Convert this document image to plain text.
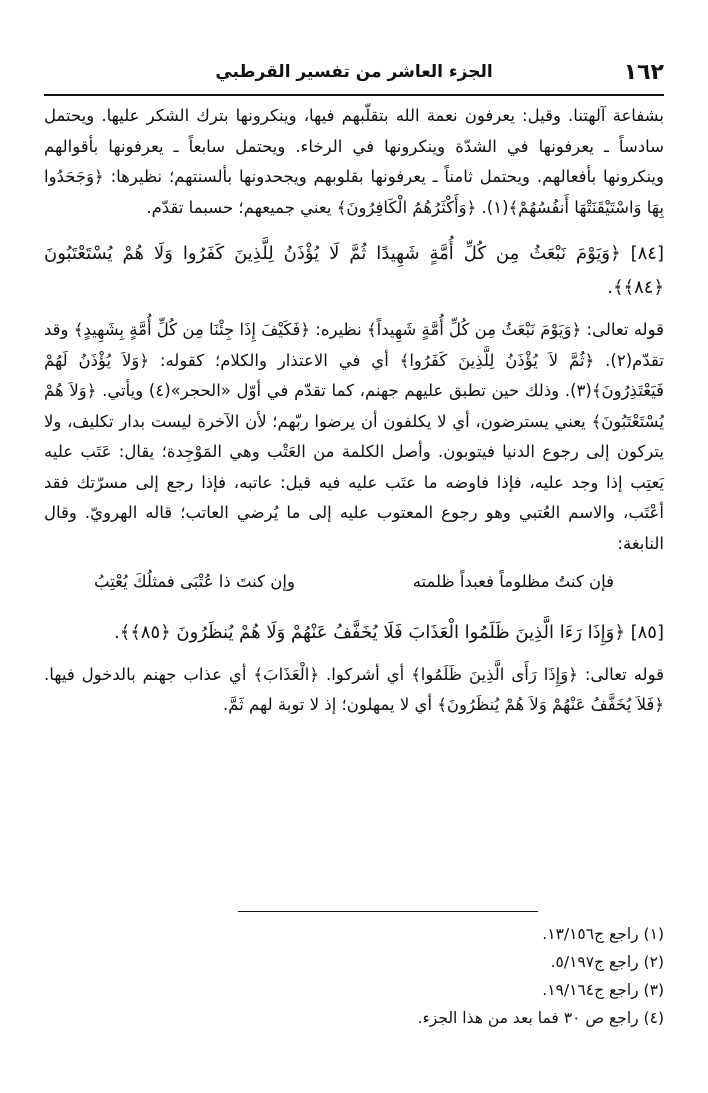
١٦٢
الجزء العاشر من تفسير القرطبي

بشفاعة آلهتنا. وقيل: يعرفون نعمة الله بتقلّبهم فيها، وينكرونها بترك الشكر عليها. ويحتمل سادساً ـ يعرفونها في الشدّة وينكرونها في الرخاء. ويحتمل سابعاً ـ يعرفونها بأقوالهم وينكرونها بأفعالهم. ويحتمل ثامناً ـ يعرفونها بقلوبهم ويجحدونها بألسنتهم؛ نظيرها: ﴿وَجَحَدُوا بِهَا وَاسْتَيْقَنَتْهَا أَنفُسُهُمْ﴾(١). ﴿وَأَكْثَرُهُمُ الْكَافِرُونَ﴾ يعني جميعهم؛ حسبما تقدّم.

[٨٤] ﴿وَيَوْمَ نَبْعَثُ مِن كُلِّ أُمَّةٍ شَهِيدًا ثُمَّ لَا يُؤْذَنُ لِلَّذِينَ كَفَرُوا وَلَا هُمْ يُسْتَعْتَبُونَ ﴿٨٤﴾﴾.

قوله تعالى: ﴿وَيَوْمَ نَبْعَثُ مِن كُلِّ أُمَّةٍ شَهِيداً﴾ نظيره: ﴿فَكَيْفَ إِذَا جِئْنَا مِن كُلِّ أُمَّةٍ بِشَهِيدٍ﴾ وقد تقدّم(٢). ﴿ثُمَّ لاَ يُؤْذَنُ لِلَّذِينَ كَفَرُوا﴾ أي في الاعتذار والكلام؛ كقوله: ﴿وَلاَ يُؤْذَنُ لَهُمْ فَيَعْتَذِرُونَ﴾(٣). وذلك حين تطبق عليهم جهنم، كما تقدّم في أوّل «الحجر»(٤) ويأتي. ﴿وَلاَ هُمْ يُسْتَعْتَبُونَ﴾ يعني يسترضون، أي لا يكلفون أن يرضوا ربّهم؛ لأن الآخرة ليست بدار تكليف، ولا يتركون إلى رجوع الدنيا فيتوبون. وأصل الكلمة من العَتْب وهي المَوْجِدة؛ يقال: عَتَب عليه يَعتِب إذا وجد عليه، فإذا فاوضه ما عتَب عليه فيه قيل: عاتبه، فإذا رجع إلى مسرّتك فقد أعْتَب، والاسم العُتبي وهو رجوع المعتوب عليه إلى ما يُرضي العاتب؛ قاله الهرويّ. وقال النابغة:

فإن كنتُ مظلوماً فعبداً ظلمته
وإن كنتَ ذا عُتْبَى فمثلُكَ يُعْتِبُ

[٨٥] ﴿وَإِذَا رَءَا الَّذِينَ ظَلَمُوا الْعَذَابَ فَلَا يُخَفَّفُ عَنْهُمْ وَلَا هُمْ يُنظَرُونَ ﴿٨٥﴾﴾.

قوله تعالى: ﴿وَإِذَا رَأَى الَّذِينَ ظَلَمُوا﴾ أي أشركوا. ﴿الْعَذَابَ﴾ أي عذاب جهنم بالدخول فيها. ﴿فَلاَ يُخَفَّفُ عَنْهُمْ وَلاَ هُمْ يُنظَرُونَ﴾ أي لا يمهلون؛ إذ لا توبة لهم ثَمَّ.

(١) راجع ج١٣/١٥٦.
(٢) راجع ج٥/١٩٧.
(٣) راجع ج١٩/١٦٤.
(٤) راجع ص ٣٠ فما بعد من هذا الجزء.
